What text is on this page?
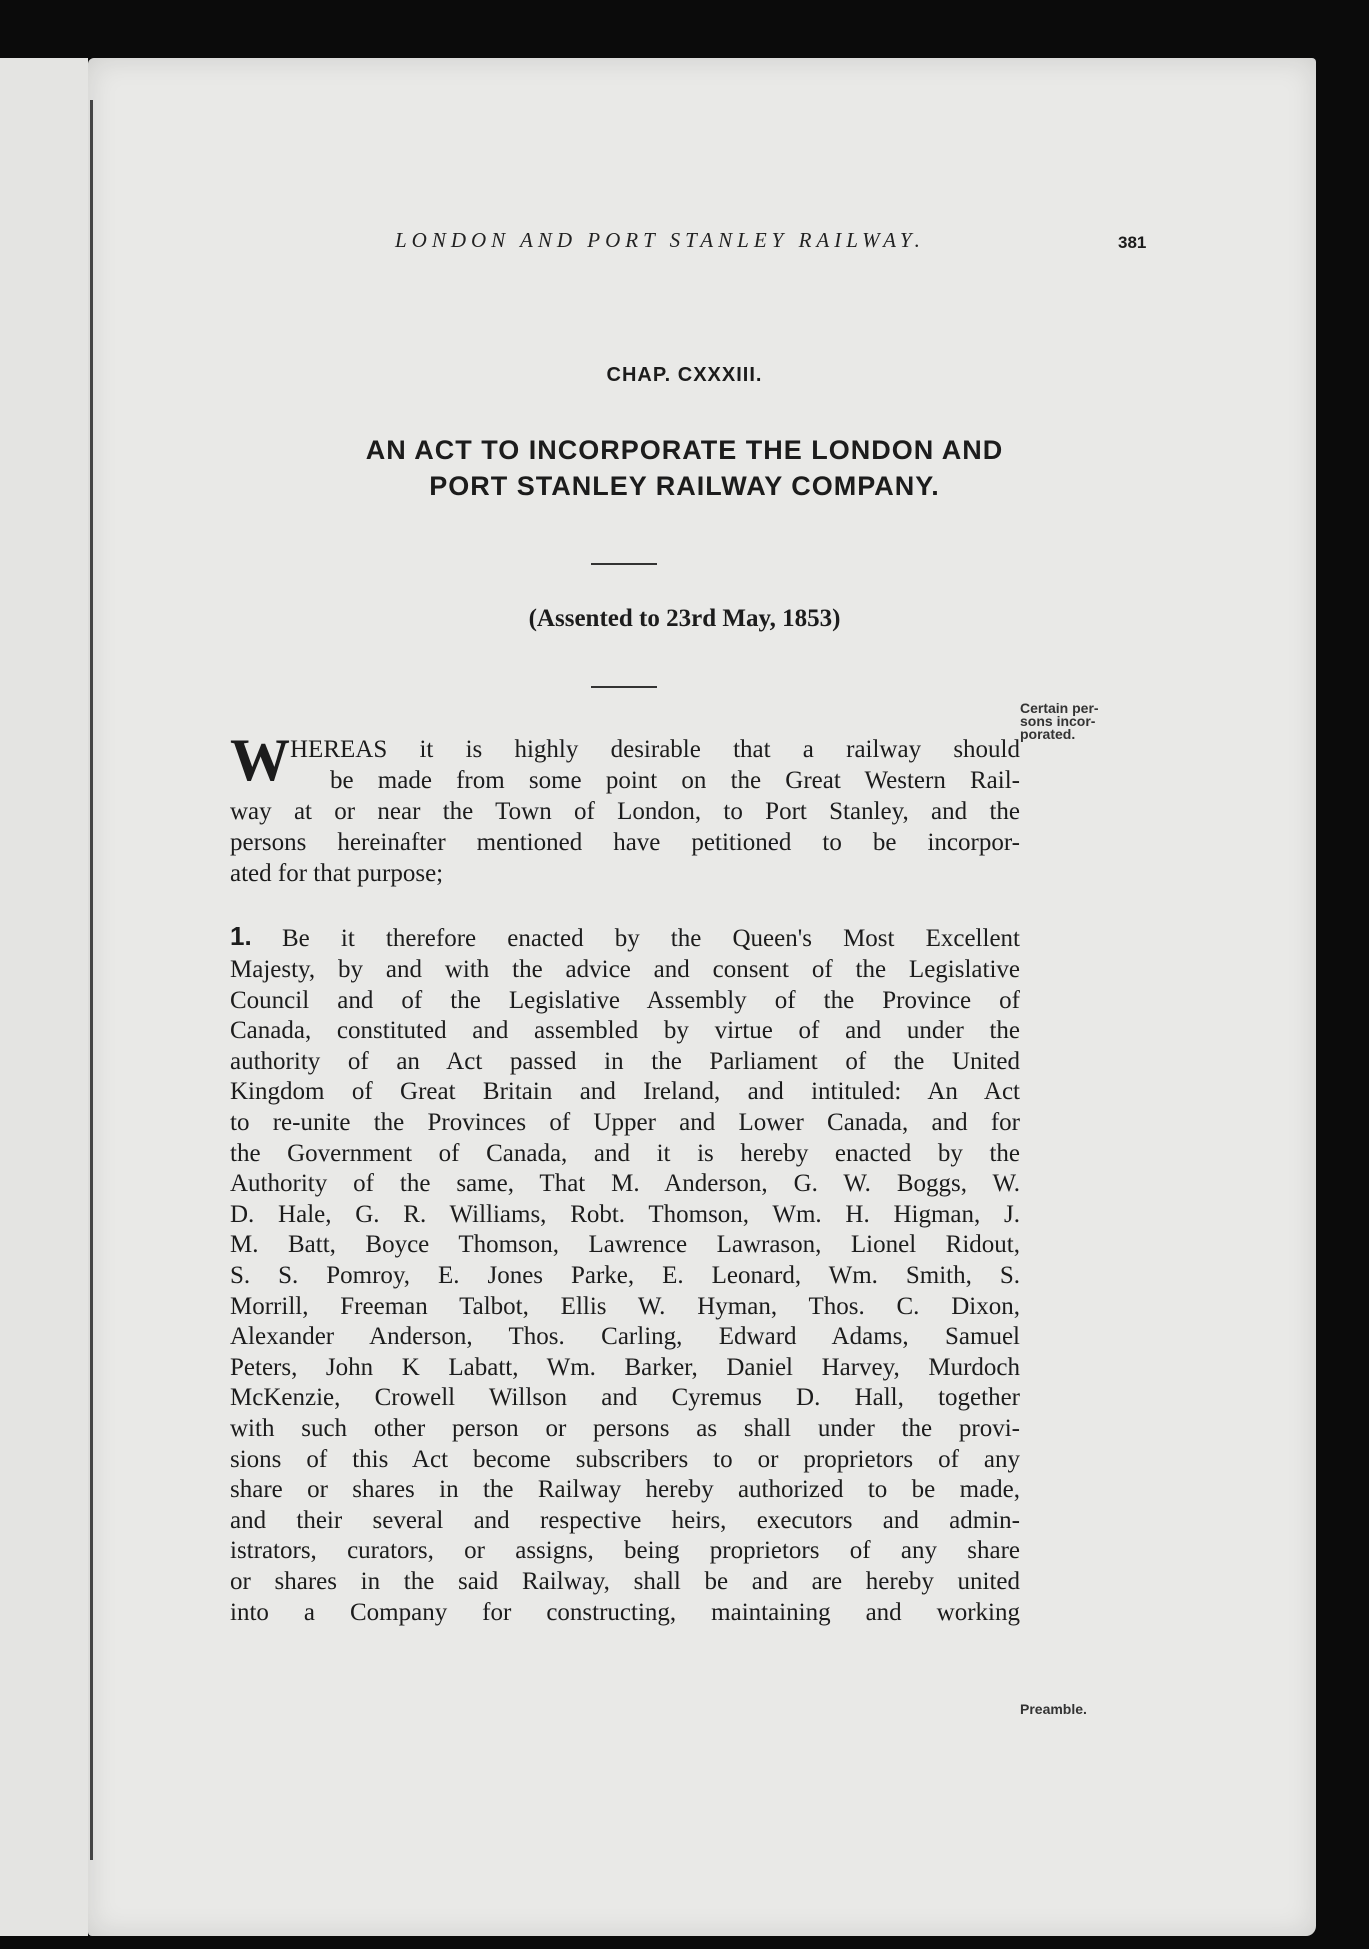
LONDON AND PORT STANLEY RAILWAY.	381
CHAP. CXXXIII.
AN ACT TO INCORPORATE THE LONDON AND
PORT STANLEY RAILWAY COMPANY.
(Assented to 23rd May, 1853)
Certain per-
sons incor-
porated.
Preamble.
W HEREAS it is highly desirable that a railway should
be made from some point on the Great Western Rail-
way at or near the Town of London, to Port Stanley, and the
persons hereinafter mentioned have petitioned to be incorpor-
ated for that purpose;
1. Be it therefore enacted by the Queen's Most Excellent
Majesty, by and with the advice and consent of the Legislative
Council and of the Legislative Assembly of the Province of
Canada, constituted and assembled by virtue of and under the
authority of an Act passed in the Parliament of the United
Kingdom of Great Britain and Ireland, and intituled: An Act
to re-unite the Provinces of Upper and Lower Canada, and for
the Government of Canada, and it is hereby enacted by the
Authority of the same, That M. Anderson, G. W. Boggs, W.
D. Hale, G. R. Williams, Robt. Thomson, Wm. H. Higman, J.
M. Batt, Boyce Thomson, Lawrence Lawrason, Lionel Ridout,
S. S. Pomroy, E. Jones Parke, E. Leonard, Wm. Smith, S.
Morrill, Freeman Talbot, Ellis W. Hyman, Thos. C. Dixon,
Alexander Anderson, Thos. Carling, Edward Adams, Samuel
Peters, John K Labatt, Wm. Barker, Daniel Harvey, Murdoch
McKenzie, Crowell Willson and Cyremus D. Hall, together
with such other person or persons as shall under the provi-
sions of this Act become subscribers to or proprietors of any
share or shares in the Railway hereby authorized to be made,
and their several and respective heirs, executors and admin-
istrators, curators, or assigns, being proprietors of any share
or shares in the said Railway, shall be and are hereby united
into a Company for constructing, maintaining and working
